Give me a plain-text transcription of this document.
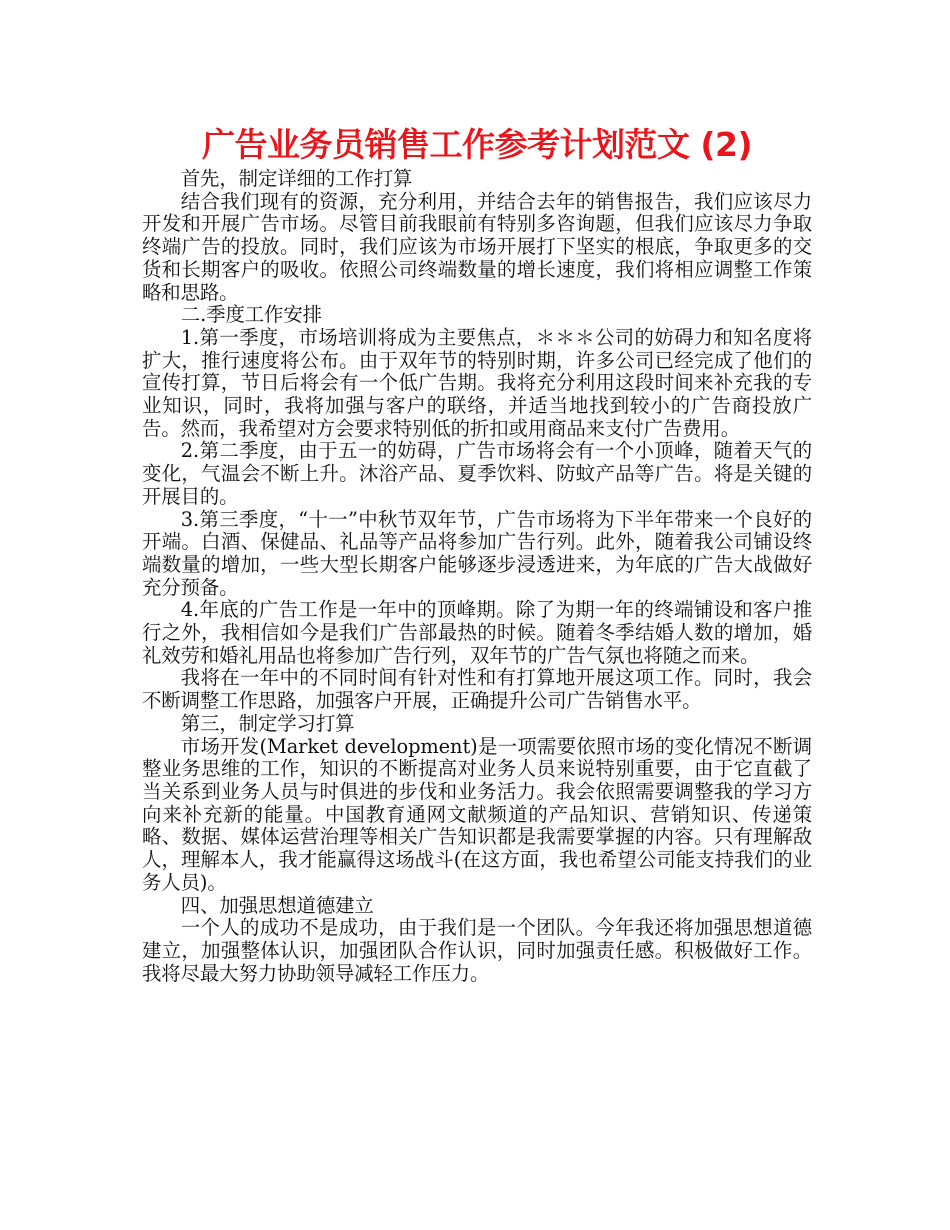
广告业务员销售工作参考计划范文 (2)

首先，制定详细的工作打算

结合我们现有的资源，充分利用，并结合去年的销售报告，我们应该尽力开发和开展广告市场。尽管目前我眼前有特别多咨询题，但我们应该尽力争取终端广告的投放。同时，我们应该为市场开展打下坚实的根底，争取更多的交货和长期客户的吸收。依照公司终端数量的增长速度，我们将相应调整工作策略和思路。

二.季度工作安排

1.第一季度，市场培训将成为主要焦点，＊＊＊公司的妨碍力和知名度将扩大，推行速度将公布。由于双年节的特别时期，许多公司已经完成了他们的宣传打算，节日后将会有一个低广告期。我将充分利用这段时间来补充我的专业知识，同时，我将加强与客户的联络，并适当地找到较小的广告商投放广告。然而，我希望对方会要求特别低的折扣或用商品来支付广告费用。

2.第二季度，由于五一的妨碍，广告市场将会有一个小顶峰，随着天气的变化，气温会不断上升。沐浴产品、夏季饮料、防蚊产品等广告。将是关键的开展目的。

3.第三季度，“十一”中秋节双年节，广告市场将为下半年带来一个良好的开端。白酒、保健品、礼品等产品将参加广告行列。此外，随着我公司铺设终端数量的增加，一些大型长期客户能够逐步浸透进来，为年底的广告大战做好充分预备。

4.年底的广告工作是一年中的顶峰期。除了为期一年的终端铺设和客户推行之外，我相信如今是我们广告部最热的时候。随着冬季结婚人数的增加，婚礼效劳和婚礼用品也将参加广告行列，双年节的广告气氛也将随之而来。

我将在一年中的不同时间有针对性和有打算地开展这项工作。同时，我会不断调整工作思路，加强客户开展，正确提升公司广告销售水平。

第三，制定学习打算

市场开发(Market development)是一项需要依照市场的变化情况不断调整业务思维的工作，知识的不断提高对业务人员来说特别重要，由于它直截了当关系到业务人员与时俱进的步伐和业务活力。我会依照需要调整我的学习方向来补充新的能量。中国教育通网文献频道的产品知识、营销知识、传递策略、数据、媒体运营治理等相关广告知识都是我需要掌握的内容。只有理解敌人，理解本人，我才能赢得这场战斗(在这方面，我也希望公司能支持我们的业务人员)。

四、加强思想道德建立

一个人的成功不是成功，由于我们是一个团队。今年我还将加强思想道德建立，加强整体认识，加强团队合作认识，同时加强责任感。积极做好工作。我将尽最大努力协助领导减轻工作压力。
